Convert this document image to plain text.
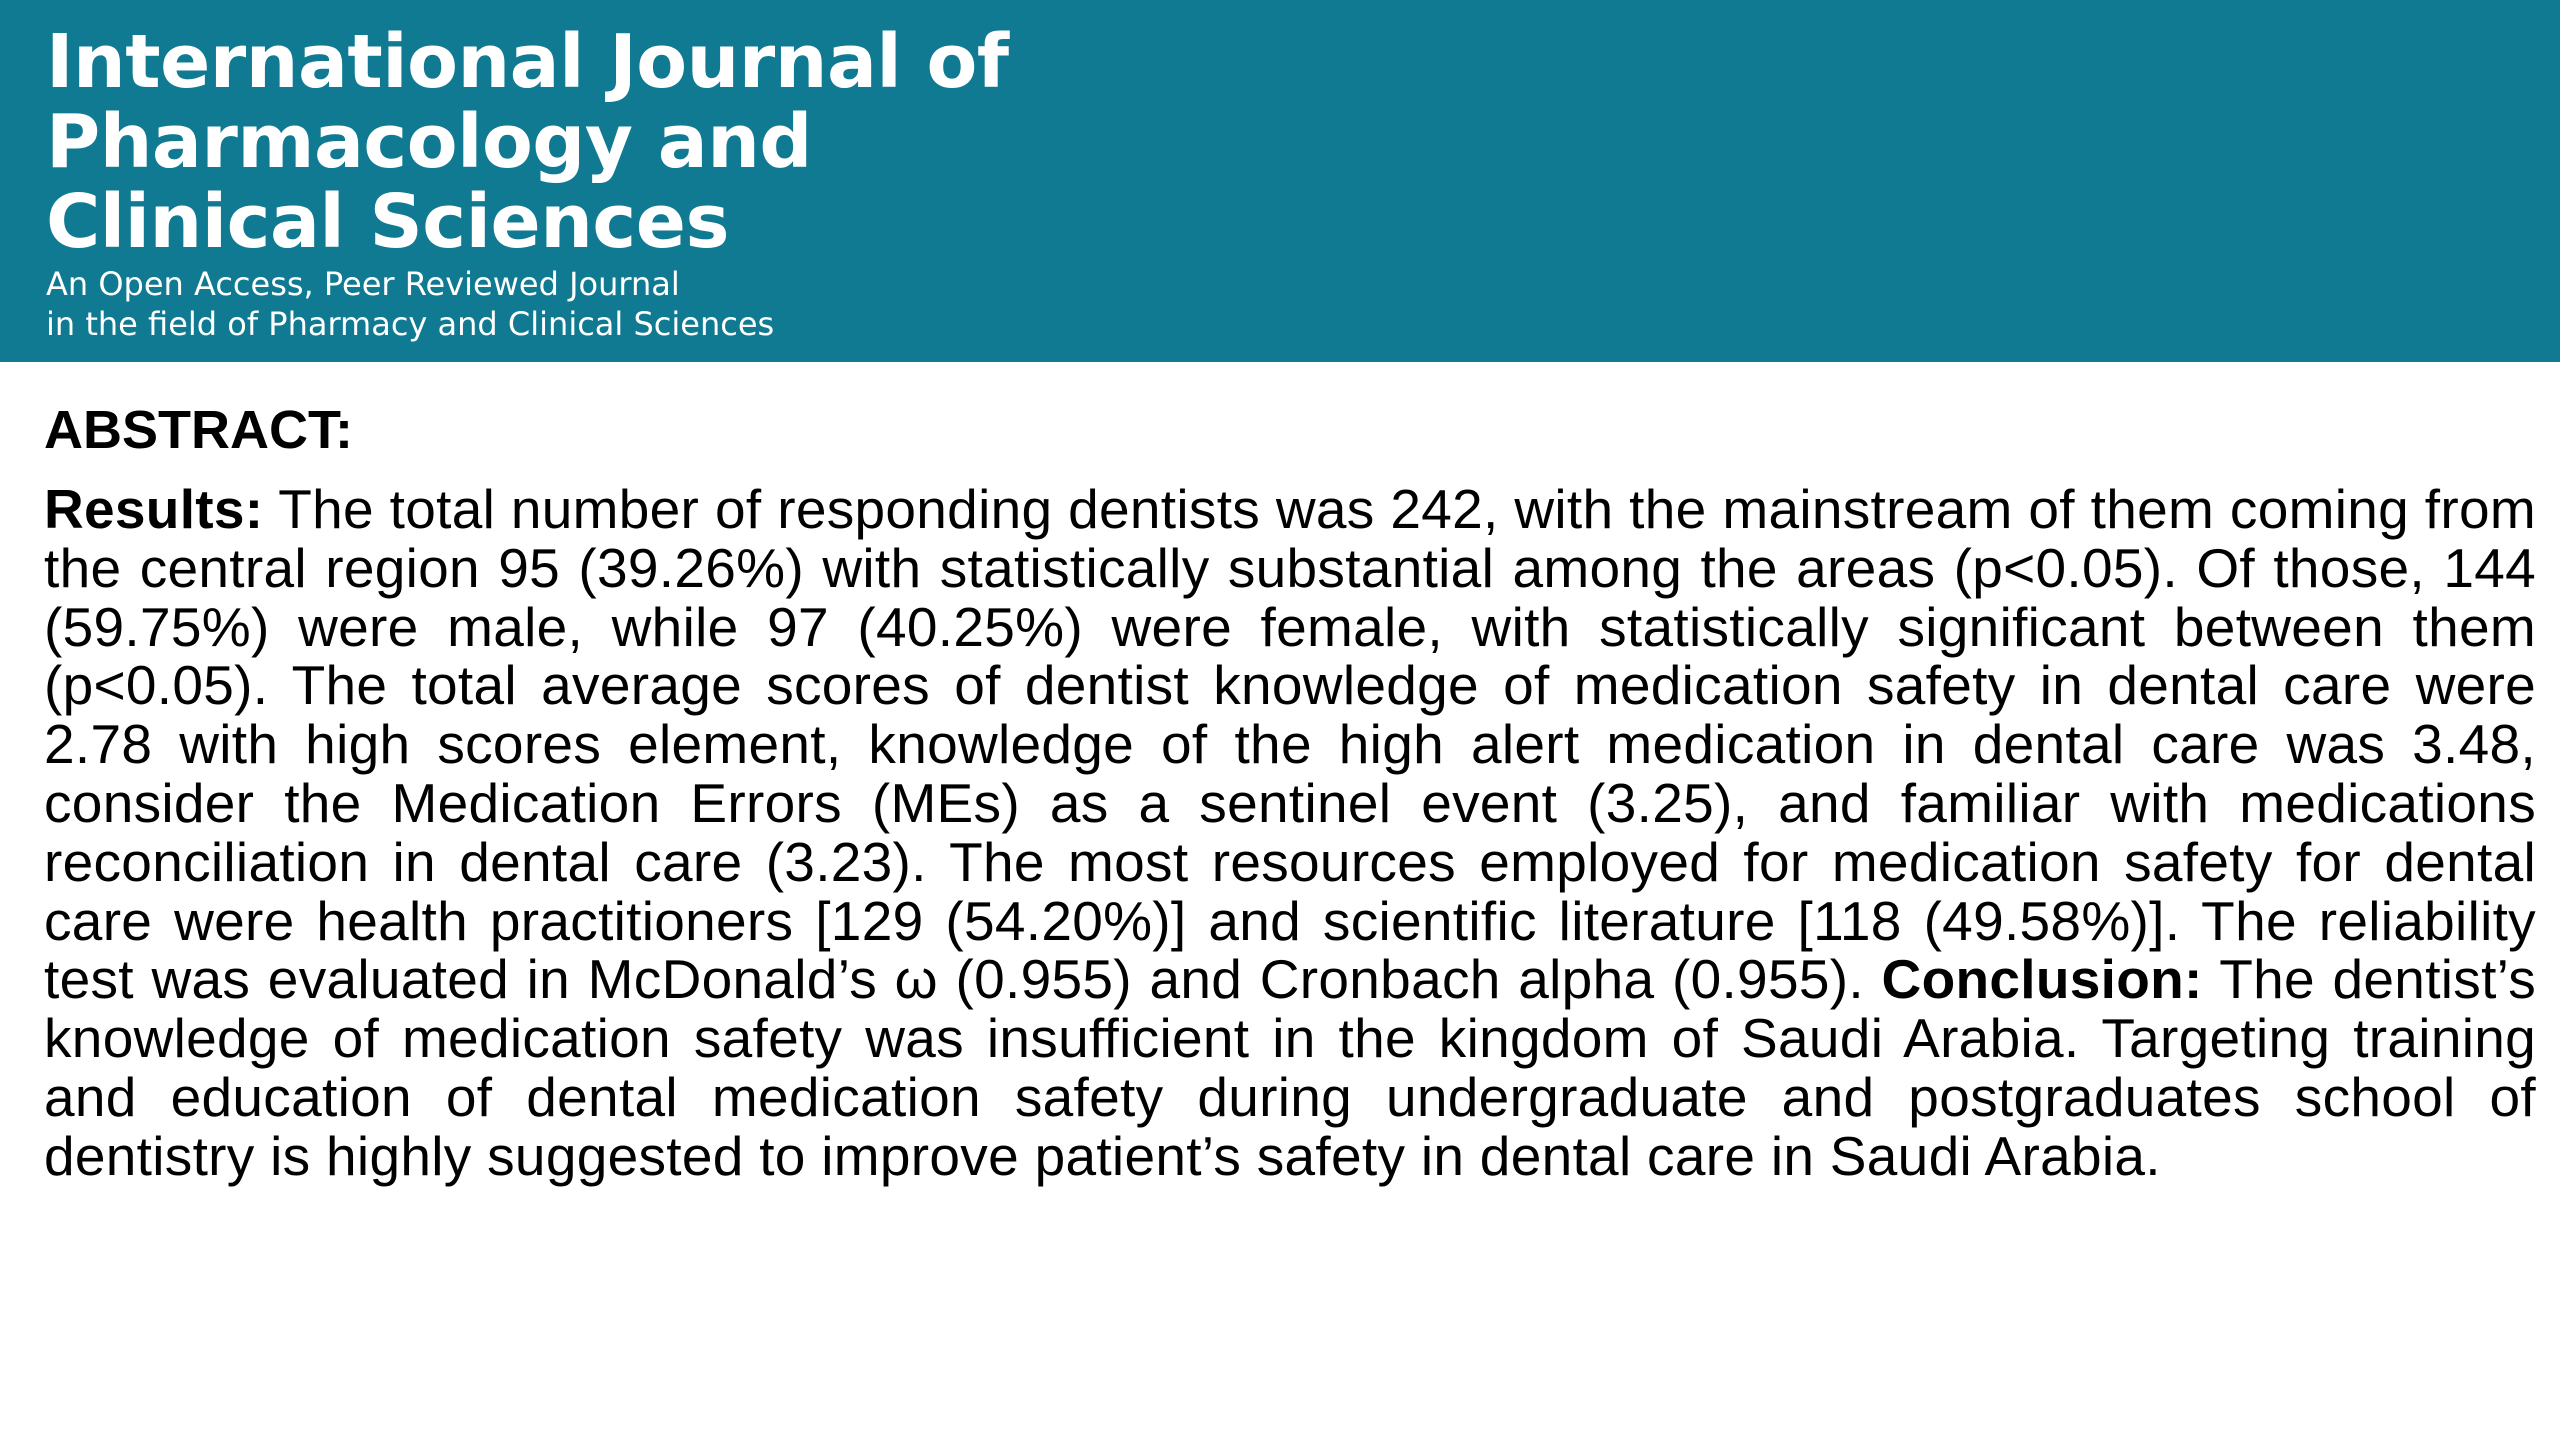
International Journal of
Pharmacology and
Clinical Sciences

An Open Access, Peer Reviewed Journal
in the field of Pharmacy and Clinical Sciences

ABSTRACT:

Results: The total number of responding dentists was 242, with the mainstream of them coming from the central region 95 (39.26%) with statistically substantial among the areas (p<0.05). Of those, 144 (59.75%) were male, while 97 (40.25%) were female, with statistically significant between them (p<0.05). The total average scores of dentist knowledge of medication safety in dental care were 2.78 with high scores element, knowledge of the high alert medication in dental care was 3.48, consider the Medication Errors (MEs) as a sentinel event (3.25), and familiar with medications reconciliation in dental care (3.23). The most resources employed for medication safety for dental care were health practitioners [129 (54.20%)] and scientific literature [118 (49.58%)]. The reliability test was evaluated in McDonald’s ω (0.955) and Cronbach alpha (0.955). Conclusion: The dentist’s knowledge of medication safety was insufficient in the kingdom of Saudi Arabia. Targeting training and education of dental medication safety during undergraduate and postgraduates school of dentistry is highly suggested to improve patient’s safety in dental care in Saudi Arabia.
